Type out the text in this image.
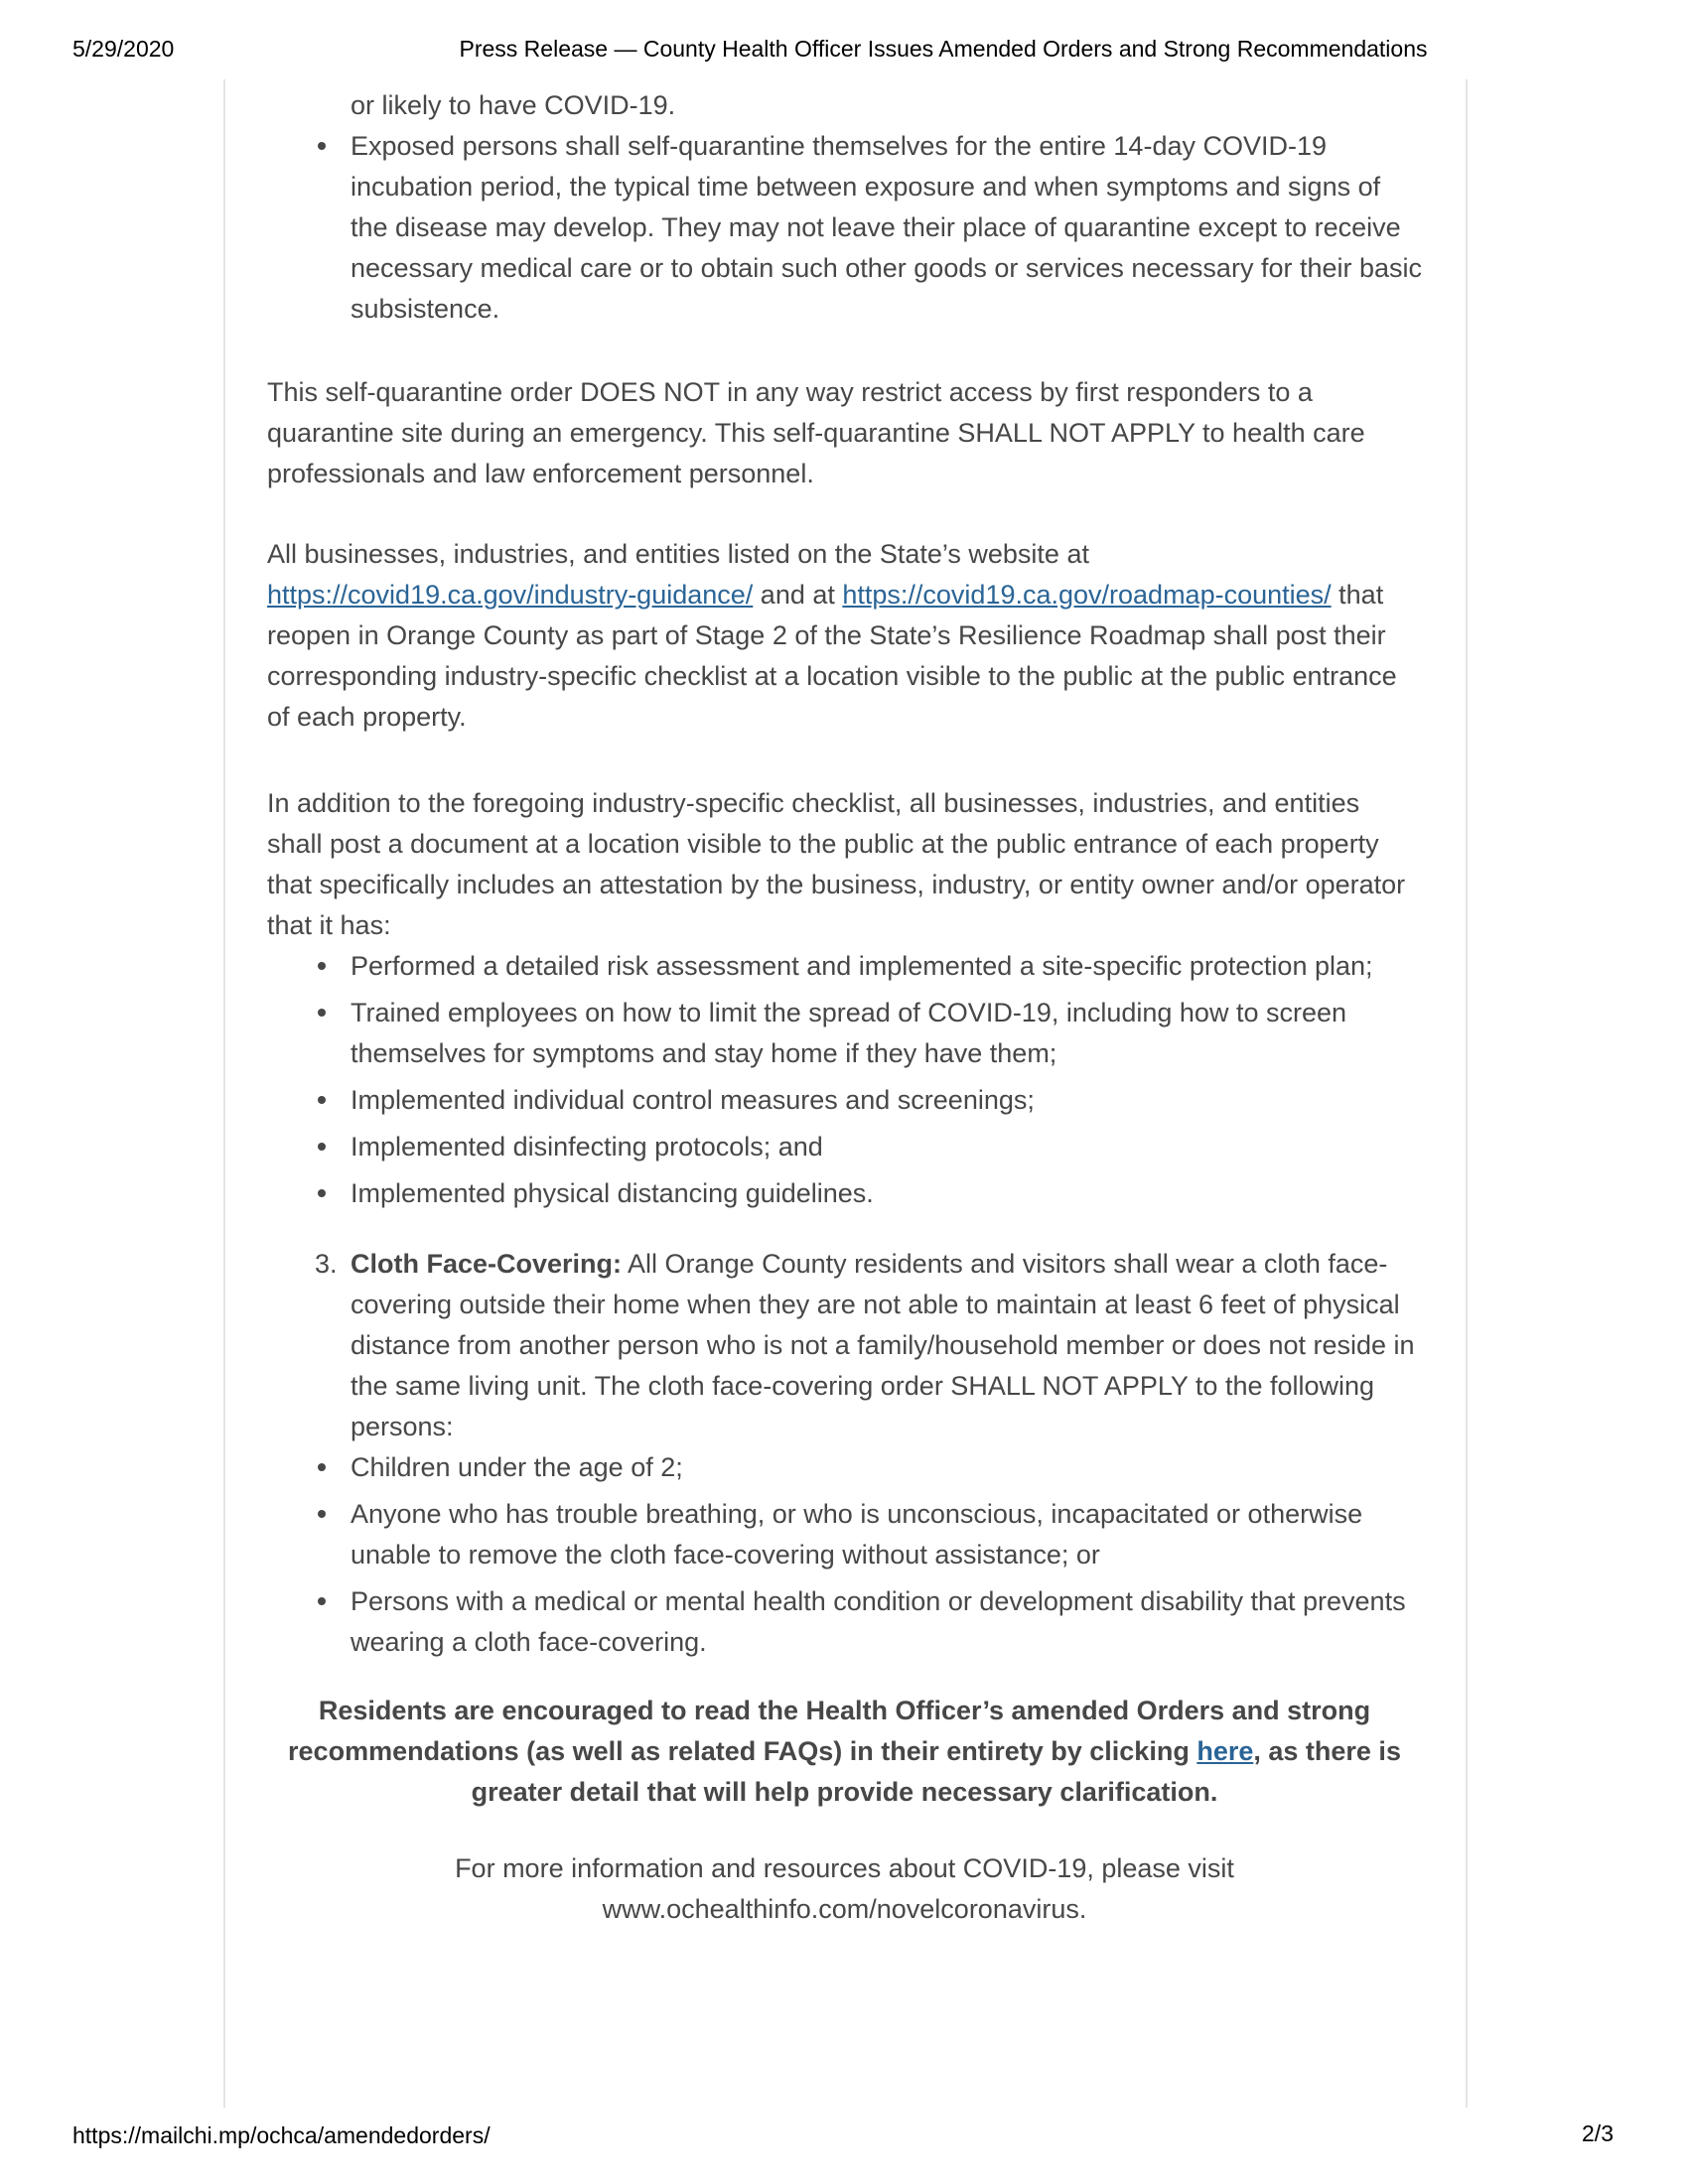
5/29/2020	Press Release — County Health Officer Issues Amended Orders and Strong Recommendations
or likely to have COVID-19.
Exposed persons shall self-quarantine themselves for the entire 14-day COVID-19 incubation period, the typical time between exposure and when symptoms and signs of the disease may develop. They may not leave their place of quarantine except to receive necessary medical care or to obtain such other goods or services necessary for their basic subsistence.

This self-quarantine order DOES NOT in any way restrict access by first responders to a quarantine site during an emergency. This self-quarantine SHALL NOT APPLY to health care professionals and law enforcement personnel.

All businesses, industries, and entities listed on the State’s website at https://covid19.ca.gov/industry-guidance/ and at https://covid19.ca.gov/roadmap-counties/ that reopen in Orange County as part of Stage 2 of the State’s Resilience Roadmap shall post their corresponding industry-specific checklist at a location visible to the public at the public entrance of each property.

In addition to the foregoing industry-specific checklist, all businesses, industries, and entities shall post a document at a location visible to the public at the public entrance of each property that specifically includes an attestation by the business, industry, or entity owner and/or operator that it has:

Performed a detailed risk assessment and implemented a site-specific protection plan;
Trained employees on how to limit the spread of COVID-19, including how to screen themselves for symptoms and stay home if they have them;
Implemented individual control measures and screenings;
Implemented disinfecting protocols; and
Implemented physical distancing guidelines.
3. Cloth Face-Covering: All Orange County residents and visitors shall wear a cloth face-covering outside their home when they are not able to maintain at least 6 feet of physical distance from another person who is not a family/household member or does not reside in the same living unit. The cloth face-covering order SHALL NOT APPLY to the following persons:
Children under the age of 2;
Anyone who has trouble breathing, or who is unconscious, incapacitated or otherwise unable to remove the cloth face-covering without assistance; or
Persons with a medical or mental health condition or development disability that prevents wearing a cloth face-covering.

Residents are encouraged to read the Health Officer’s amended Orders and strong recommendations (as well as related FAQs) in their entirety by clicking here, as there is greater detail that will help provide necessary clarification.

For more information and resources about COVID-19, please visit
www.ochealthinfo.com/novelcoronavirus.

https://mailchi.mp/ochca/amendedorders/	2/3
